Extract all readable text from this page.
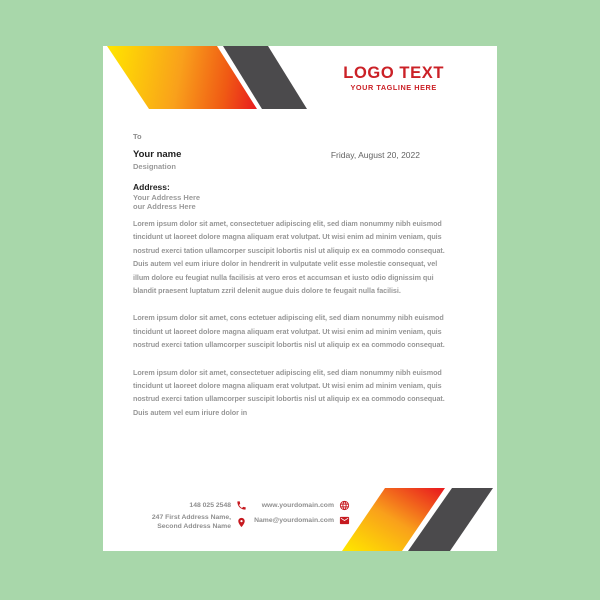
LOGO TEXT
YOUR TAGLINE HERE
To
Your name
Designation
Friday, August 20, 2022
Address:
Your Address Here
our Address Here

Lorem ipsum dolor sit amet, consectetuer adipiscing elit, sed diam nonummy nibh euismod tincidunt ut laoreet dolore magna aliquam erat volutpat. Ut wisi enim ad minim veniam, quis nostrud exerci tation ullamcorper suscipit lobortis nisl ut aliquip ex ea commodo consequat. Duis autem vel eum iriure dolor in hendrerit in vulputate velit esse molestie consequat, vel illum dolore eu feugiat nulla facilisis at vero eros et accumsan et iusto odio dignissim qui blandit praesent luptatum zzril delenit augue duis dolore te feugait nulla facilisi.

Lorem ipsum dolor sit amet, cons ectetuer adipiscing elit, sed diam nonummy nibh euismod tincidunt ut laoreet dolore magna aliquam erat volutpat. Ut wisi enim ad minim veniam, quis nostrud exerci tation ullamcorper suscipit lobortis nisl ut aliquip ex ea commodo consequat.

Lorem ipsum dolor sit amet, consectetuer adipiscing elit, sed diam nonummy nibh euismod tincidunt ut laoreet dolore magna aliquam erat volutpat. Ut wisi enim ad minim veniam, quis nostrud exerci tation ullamcorper suscipit lobortis nisl ut aliquip ex ea commodo consequat. Duis autem vel eum iriure dolor in

148 025 2548
247 First Address Name,
Second Address Name
www.yourdomain.com
Name@yourdomain.com
